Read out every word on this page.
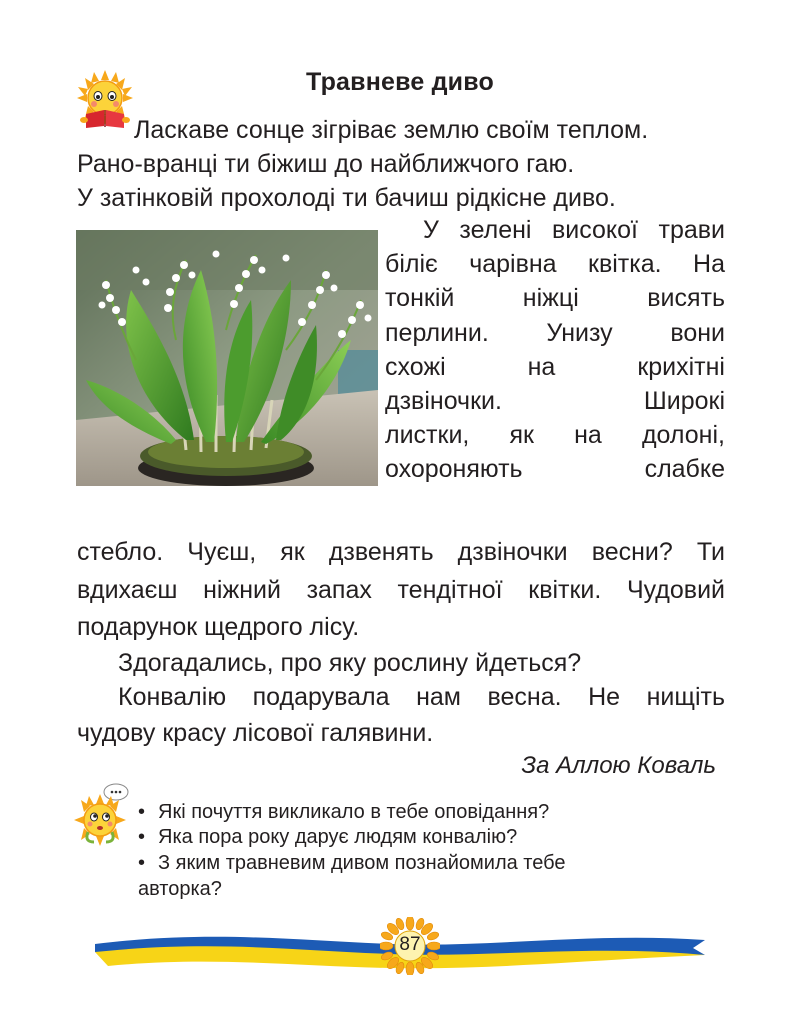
Травневе диво
Ласкаве сонце зігріває землю своїм теплом.
Рано-вранці ти біжиш до найближчого гаю.
У затінковій прохолоді ти бачиш рідкісне диво.
У зелені високої трави
біліє чарівна квітка. На
тонкій ніжці висять
перлини. Унизу вони
схожі на крихітні
дзвіночки. Широкі
листки, як на долоні,
охороняють слабке
стебло. Чуєш, як дзвенять дзвіночки весни? Ти
вдихаєш ніжний запах тендітної квітки. Чудовий
подарунок щедрого лісу.
Здогадались, про яку рослину йдеться?
Конвалію подарувала нам весна. Не нищіть
чудову красу лісової галявини.
За Аллою Коваль
• Які почуття викликало в тебе оповідання?
• Яка пора року дарує людям конвалію?
• З яким травневим дивом познайомила тебе
авторка?
87
